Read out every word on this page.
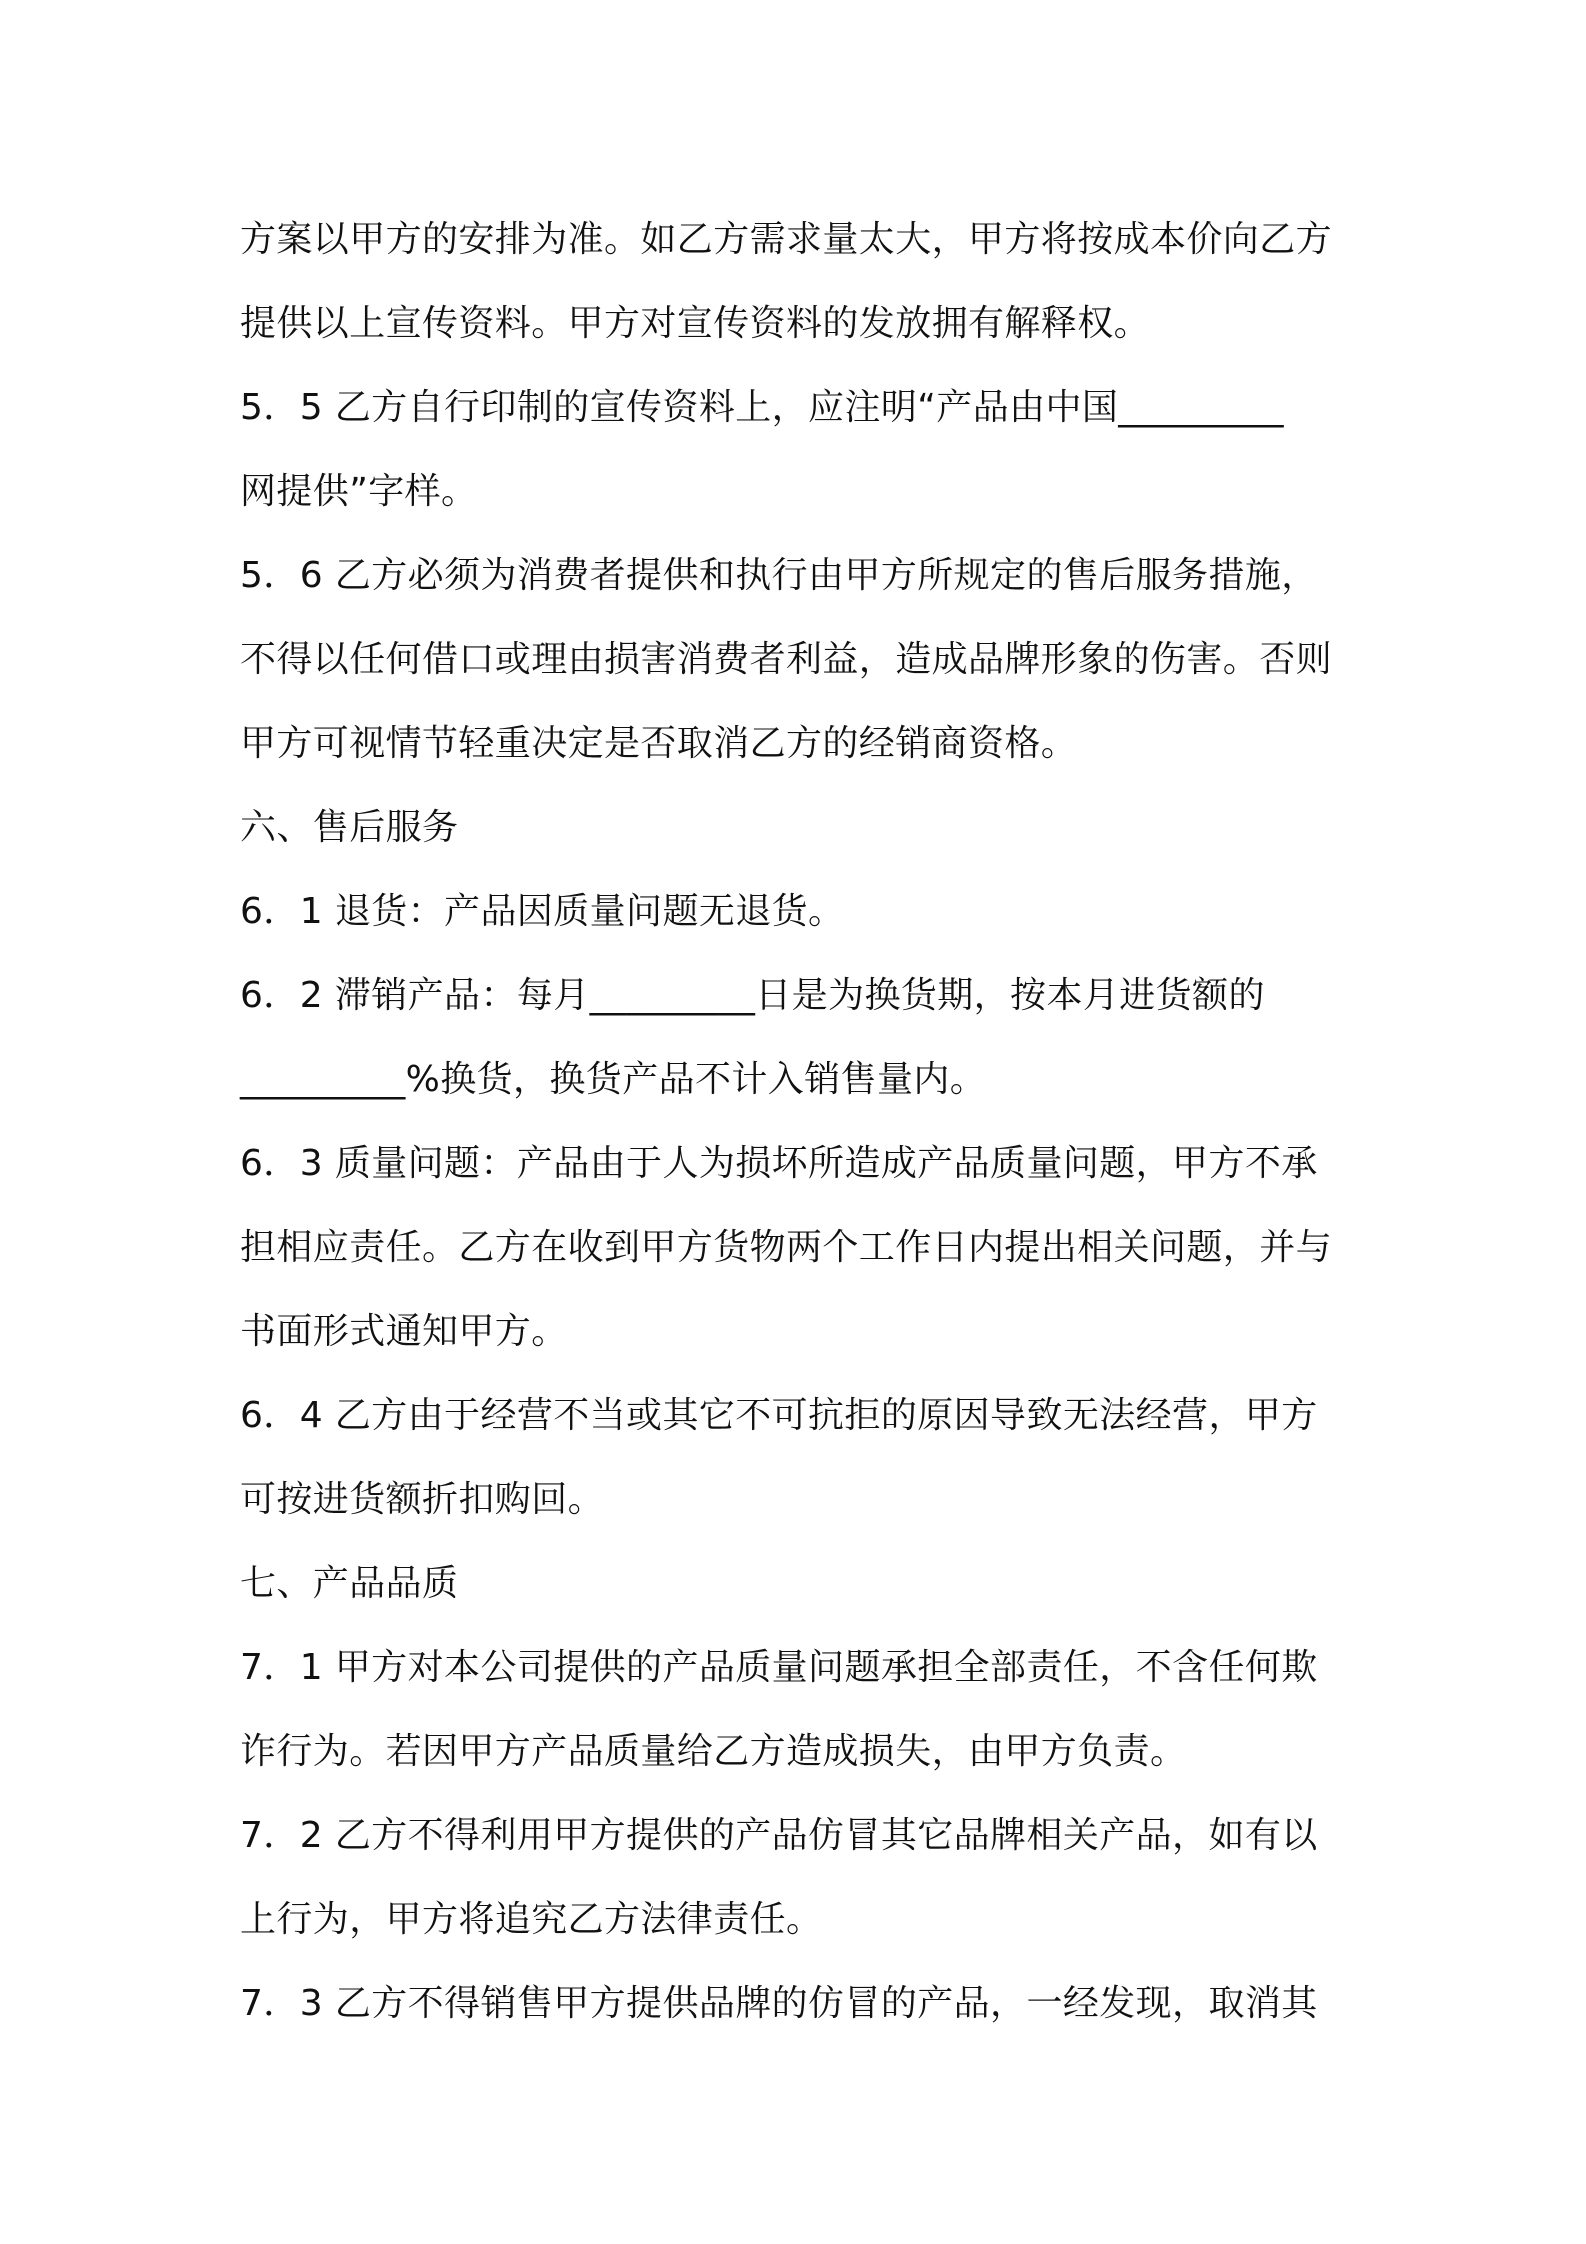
方案以甲方的安排为准。如乙方需求量太大，甲方将按成本价向乙方
提供以上宣传资料。甲方对宣传资料的发放拥有解释权。
5．5 乙方自行印制的宣传资料上，应注明“产品由中国_________
网提供”字样。
5．6 乙方必须为消费者提供和执行由甲方所规定的售后服务措施，
不得以任何借口或理由损害消费者利益，造成品牌形象的伤害。否则
甲方可视情节轻重决定是否取消乙方的经销商资格。
六、售后服务
6．1 退货：产品因质量问题无退货。
6．2 滞销产品：每月_________日是为换货期，按本月进货额的
_________%换货，换货产品不计入销售量内。
6．3 质量问题：产品由于人为损坏所造成产品质量问题，甲方不承
担相应责任。乙方在收到甲方货物两个工作日内提出相关问题，并与
书面形式通知甲方。
6．4 乙方由于经营不当或其它不可抗拒的原因导致无法经营，甲方
可按进货额折扣购回。
七、产品品质
7．1 甲方对本公司提供的产品质量问题承担全部责任，不含任何欺
诈行为。若因甲方产品质量给乙方造成损失，由甲方负责。
7．2 乙方不得利用甲方提供的产品仿冒其它品牌相关产品，如有以
上行为，甲方将追究乙方法律责任。
7．3 乙方不得销售甲方提供品牌的仿冒的产品，一经发现，取消其
